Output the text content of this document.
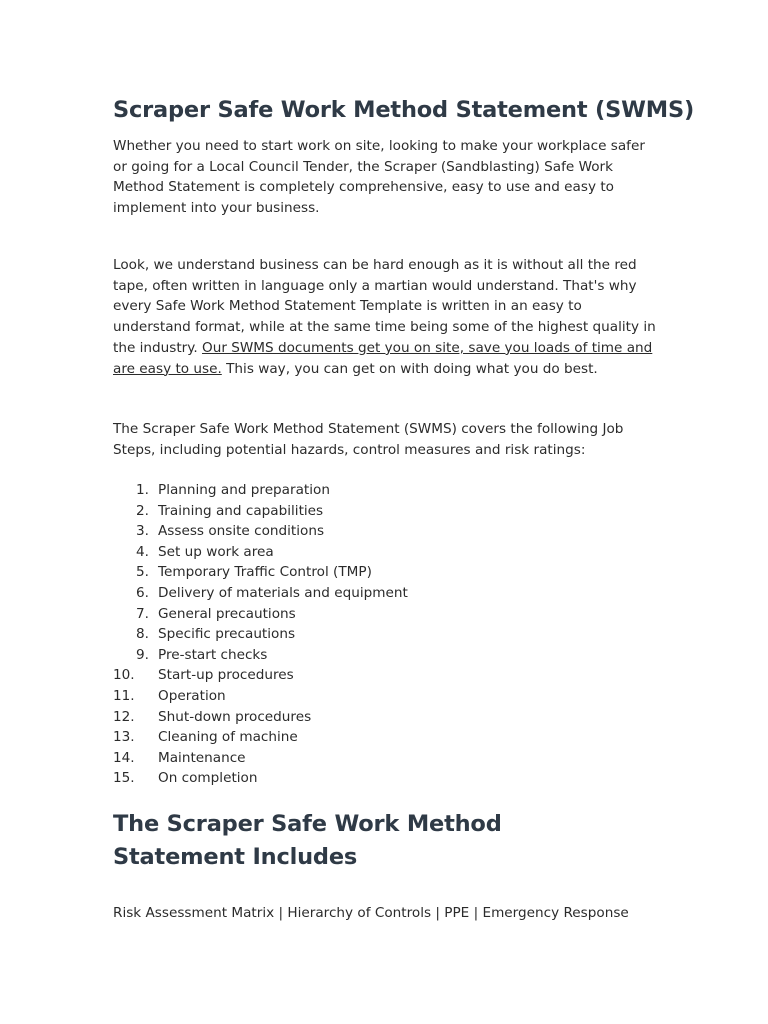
Scraper Safe Work Method Statement (SWMS)

Whether you need to start work on site, looking to make your workplace safer or going for a Local Council Tender, the Scraper (Sandblasting) Safe Work Method Statement is completely comprehensive, easy to use and easy to implement into your business.

Look, we understand business can be hard enough as it is without all the red tape, often written in language only a martian would understand. That's why every Safe Work Method Statement Template is written in an easy to understand format, while at the same time being some of the highest quality in the industry. Our SWMS documents get you on site, save you loads of time and are easy to use. This way, you can get on with doing what you do best.

The Scraper Safe Work Method Statement (SWMS) covers the following Job Steps, including potential hazards, control measures and risk ratings:

1. Planning and preparation
2. Training and capabilities
3. Assess onsite conditions
4. Set up work area
5. Temporary Traffic Control (TMP)
6. Delivery of materials and equipment
7. General precautions
8. Specific precautions
9. Pre-start checks
10.	Start-up procedures
11.	Operation
12.	Shut-down procedures
13.	Cleaning of machine
14.	Maintenance
15.	On completion
The Scraper Safe Work Method
Statement Includes

Risk Assessment Matrix | Hierarchy of Controls | PPE | Emergency Response
